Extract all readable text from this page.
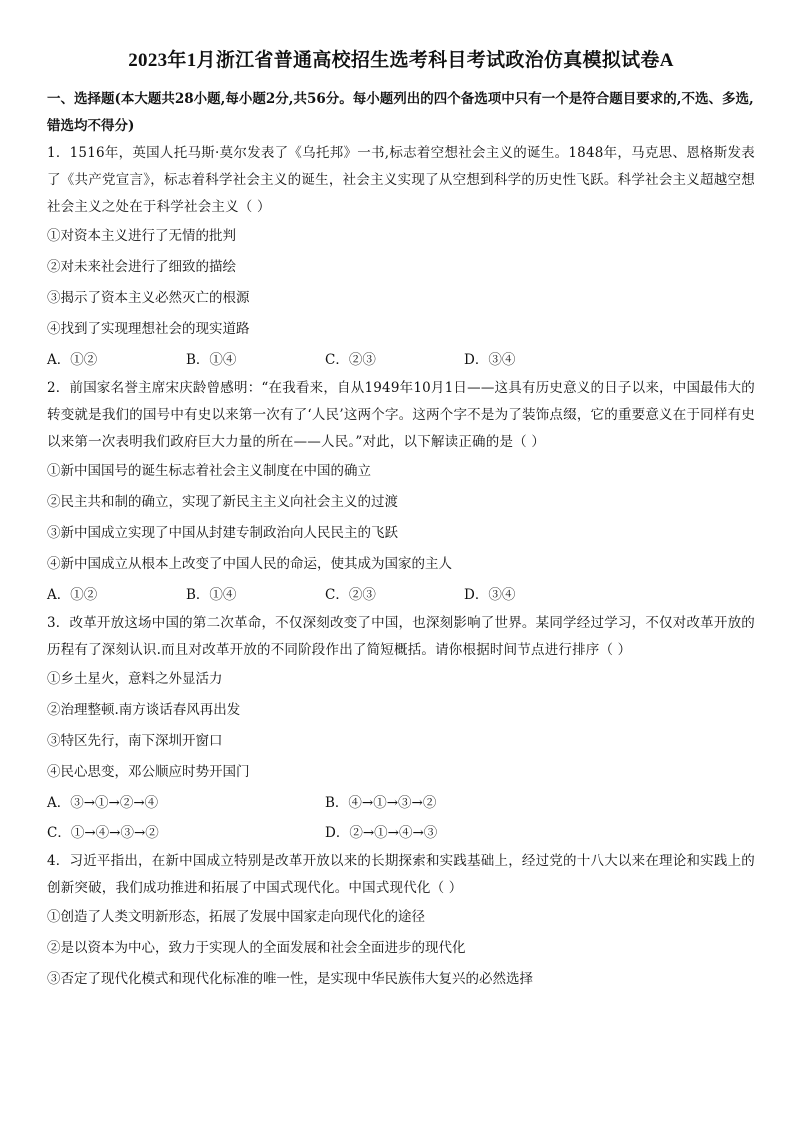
2023年1月浙江省普通高校招生选考科目考试政治仿真模拟试卷A

一、选择题(本大题共28小题,每小题2分,共56分。每小题列出的四个备选项中只有一个是符合题目要求的,不选、多选,错选均不得分)

1．1516年，英国人托马斯·莫尔发表了《乌托邦》一书,标志着空想社会主义的诞生。1848年，马克思、恩格斯发表了《共产党宣言》，标志着科学社会主义的诞生，社会主义实现了从空想到科学的历史性飞跃。科学社会主义超越空想社会主义之处在于科学社会主义（ ）

①对资本主义进行了无情的批判

②对未来社会进行了细致的描绘

③揭示了资本主义必然灭亡的根源

④找到了实现理想社会的现实道路

A．①②	B．①④	C．②③	D．③④

2．前国家名誉主席宋庆龄曾感明：“在我看来，自从1949年10月1日——这具有历史意义的日子以来，中国最伟大的转变就是我们的国号中有史以来第一次有了‘人民’这两个字。这两个字不是为了装饰点缀，它的重要意义在于同样有史以来第一次表明我们政府巨大力量的所在——人民。”对此，以下解读正确的是（ ）

①新中国国号的诞生标志着社会主义制度在中国的确立

②民主共和制的确立，实现了新民主主义向社会主义的过渡

③新中国成立实现了中国从封建专制政治向人民民主的飞跃

④新中国成立从根本上改变了中国人民的命运，使其成为国家的主人

A．①②	B．①④	C．②③	D．③④

3．改革开放这场中国的第二次革命，不仅深刻改变了中国，也深刻影响了世界。某同学经过学习，不仅对改革开放的历程有了深刻认识.而且对改革开放的不同阶段作出了简短概括。请你根据时间节点进行排序（ ）

①乡土星火，意料之外显活力

②治理整顿.南方谈话春风再出发

③特区先行，南下深圳开窗口

④民心思变，邓公顺应时势开国门

A．③→①→②→④	B．④→①→③→②
C．①→④→③→②	D．②→①→④→③

4．习近平指出，在新中国成立特别是改革开放以来的长期探索和实践基础上，经过党的十八大以来在理论和实践上的创新突破，我们成功推进和拓展了中国式现代化。中国式现代化（ ）

①创造了人类文明新形态，拓展了发展中国家走向现代化的途径

②是以资本为中心，致力于实现人的全面发展和社会全面进步的现代化

③否定了现代化模式和现代化标准的唯一性，是实现中华民族伟大复兴的必然选择
